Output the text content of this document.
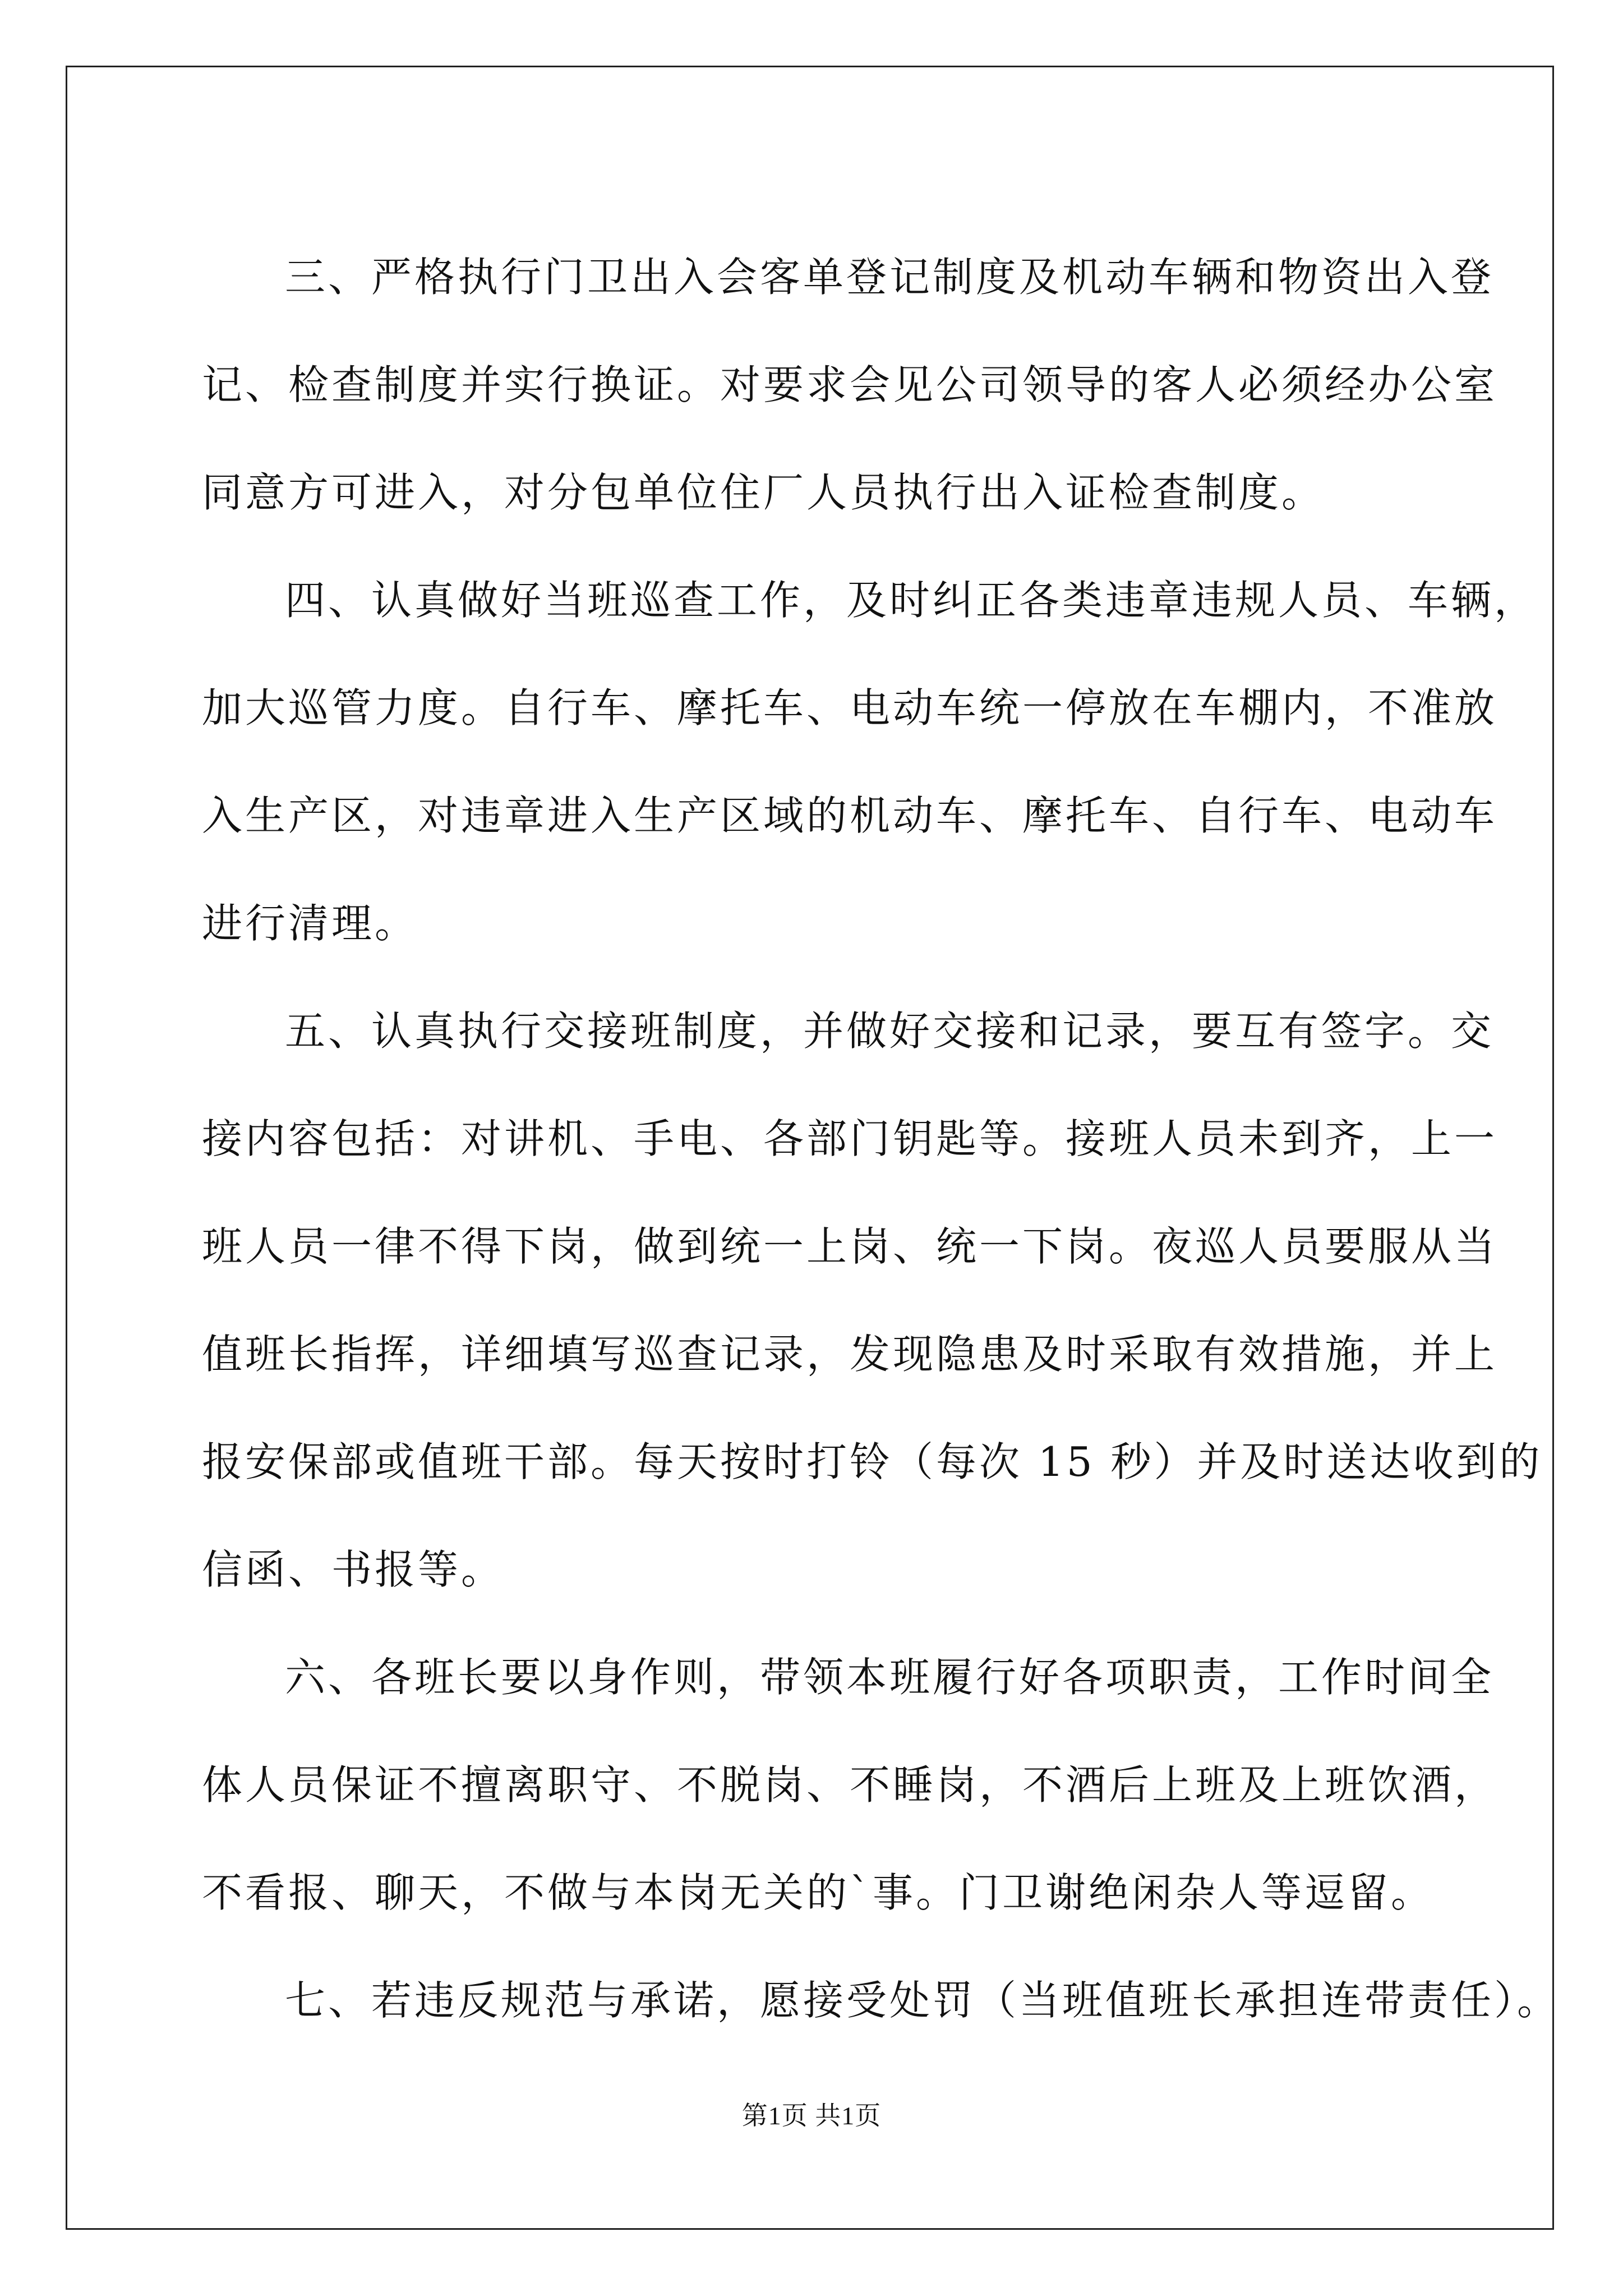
三、严格执行门卫出入会客单登记制度及机动车辆和物资出入登
记、检查制度并实行换证。对要求会见公司领导的客人必须经办公室
同意方可进入，对分包单位住厂人员执行出入证检查制度。
四、认真做好当班巡查工作，及时纠正各类违章违规人员、车辆，
加大巡管力度。自行车、摩托车、电动车统一停放在车棚内，不准放
入生产区，对违章进入生产区域的机动车、摩托车、自行车、电动车
进行清理。
五、认真执行交接班制度，并做好交接和记录，要互有签字。交
接内容包括：对讲机、手电、各部门钥匙等。接班人员未到齐，上一
班人员一律不得下岗，做到统一上岗、统一下岗。夜巡人员要服从当
值班长指挥，详细填写巡查记录，发现隐患及时采取有效措施，并上
报安保部或值班干部。每天按时打铃（每次 15 秒）并及时送达收到的
信函、书报等。
六、各班长要以身作则，带领本班履行好各项职责，工作时间全
体人员保证不擅离职守、不脱岗、不睡岗，不酒后上班及上班饮酒，
不看报、聊天，不做与本岗无关的`事。门卫谢绝闲杂人等逗留。
七、若违反规范与承诺，愿接受处罚（当班值班长承担连带责任）。
第1页 共1页
